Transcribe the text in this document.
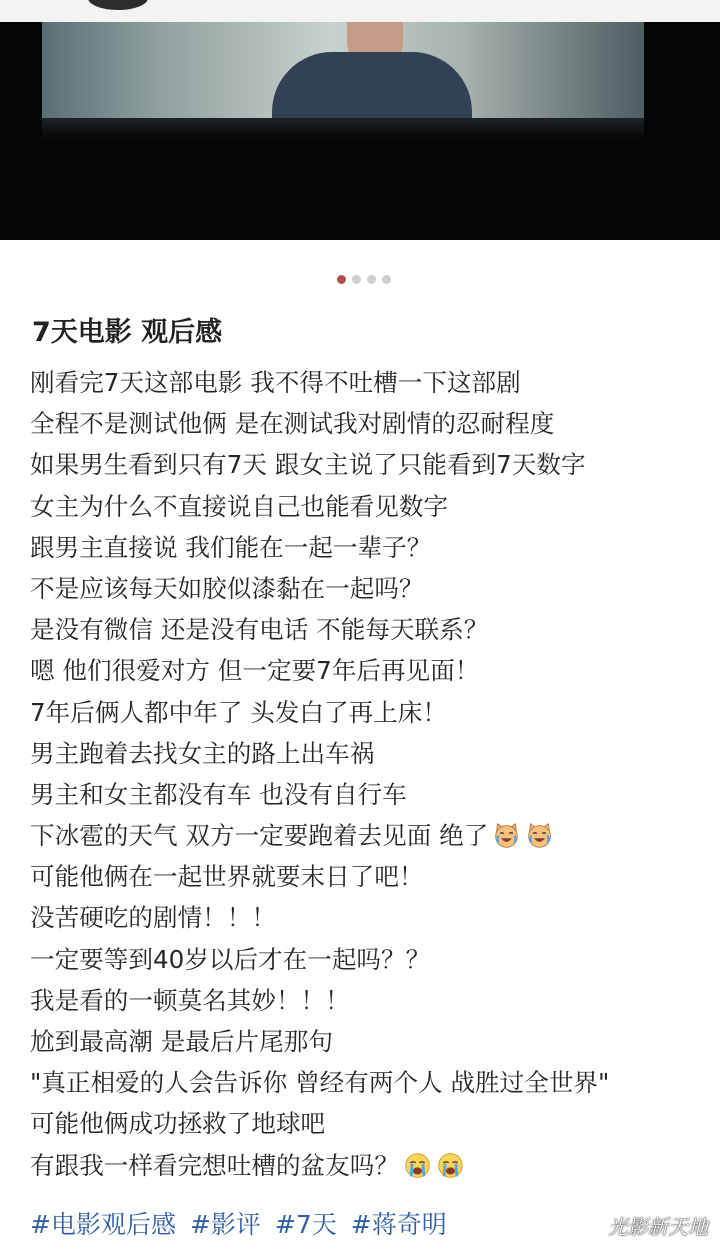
7天电影 观后感
刚看完7天这部电影 我不得不吐槽一下这部剧
全程不是测试他俩 是在测试我对剧情的忍耐程度
如果男生看到只有7天 跟女主说了只能看到7天数字
女主为什么不直接说自己也能看见数字
跟男主直接说 我们能在一起一辈子？
不是应该每天如胶似漆黏在一起吗？
是没有微信 还是没有电话 不能每天联系？
嗯 他们很爱对方 但一定要7年后再见面！
7年后俩人都中年了 头发白了再上床！
男主跑着去找女主的路上出车祸
男主和女主都没有车 也没有自行车
下冰雹的天气 双方一定要跑着去见面 绝了
可能他俩在一起世界就要末日了吧！
没苦硬吃的剧情！！！
一定要等到40岁以后才在一起吗？？
我是看的一顿莫名其妙！！！
尬到最高潮 是最后片尾那句
"真正相爱的人会告诉你 曾经有两个人 战胜过全世界"
可能他俩成功拯救了地球吧
有跟我一样看完想吐槽的盆友吗？
#电影观后感 #影评 #7天 #蒋奇明	光影新天地
